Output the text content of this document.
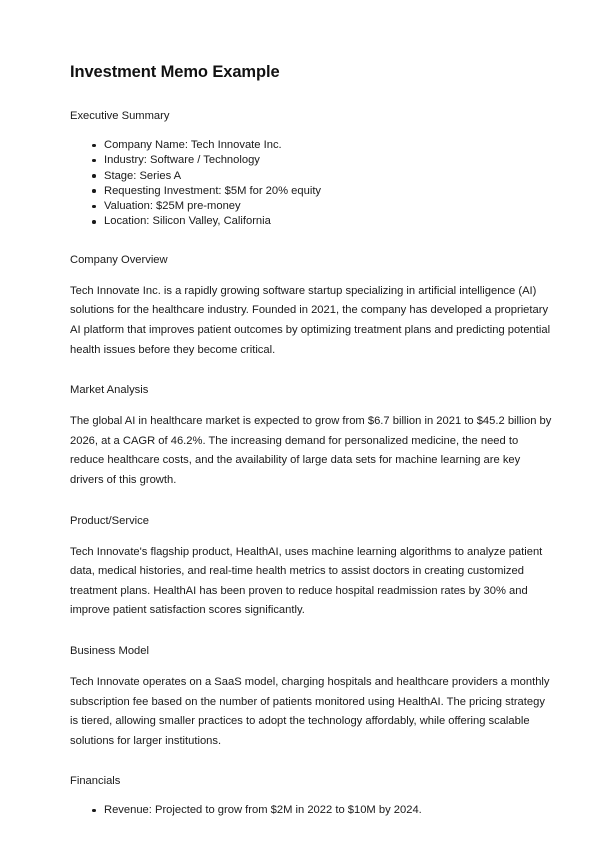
Investment Memo Example
Executive Summary
Company Name: Tech Innovate Inc.
Industry: Software / Technology
Stage: Series A
Requesting Investment: $5M for 20% equity
Valuation: $25M pre-money
Location: Silicon Valley, California
Company Overview

Tech Innovate Inc. is a rapidly growing software startup specializing in artificial intelligence (AI) solutions for the healthcare industry. Founded in 2021, the company has developed a proprietary AI platform that improves patient outcomes by optimizing treatment plans and predicting potential health issues before they become critical.

Market Analysis

The global AI in healthcare market is expected to grow from $6.7 billion in 2021 to $45.2 billion by 2026, at a CAGR of 46.2%. The increasing demand for personalized medicine, the need to reduce healthcare costs, and the availability of large data sets for machine learning are key drivers of this growth.

Product/Service

Tech Innovate's flagship product, HealthAI, uses machine learning algorithms to analyze patient data, medical histories, and real-time health metrics to assist doctors in creating customized treatment plans. HealthAI has been proven to reduce hospital readmission rates by 30% and improve patient satisfaction scores significantly.

Business Model

Tech Innovate operates on a SaaS model, charging hospitals and healthcare providers a monthly subscription fee based on the number of patients monitored using HealthAI. The pricing strategy is tiered, allowing smaller practices to adopt the technology affordably, while offering scalable solutions for larger institutions.

Financials
Revenue: Projected to grow from $2M in 2022 to $10M by 2024.
